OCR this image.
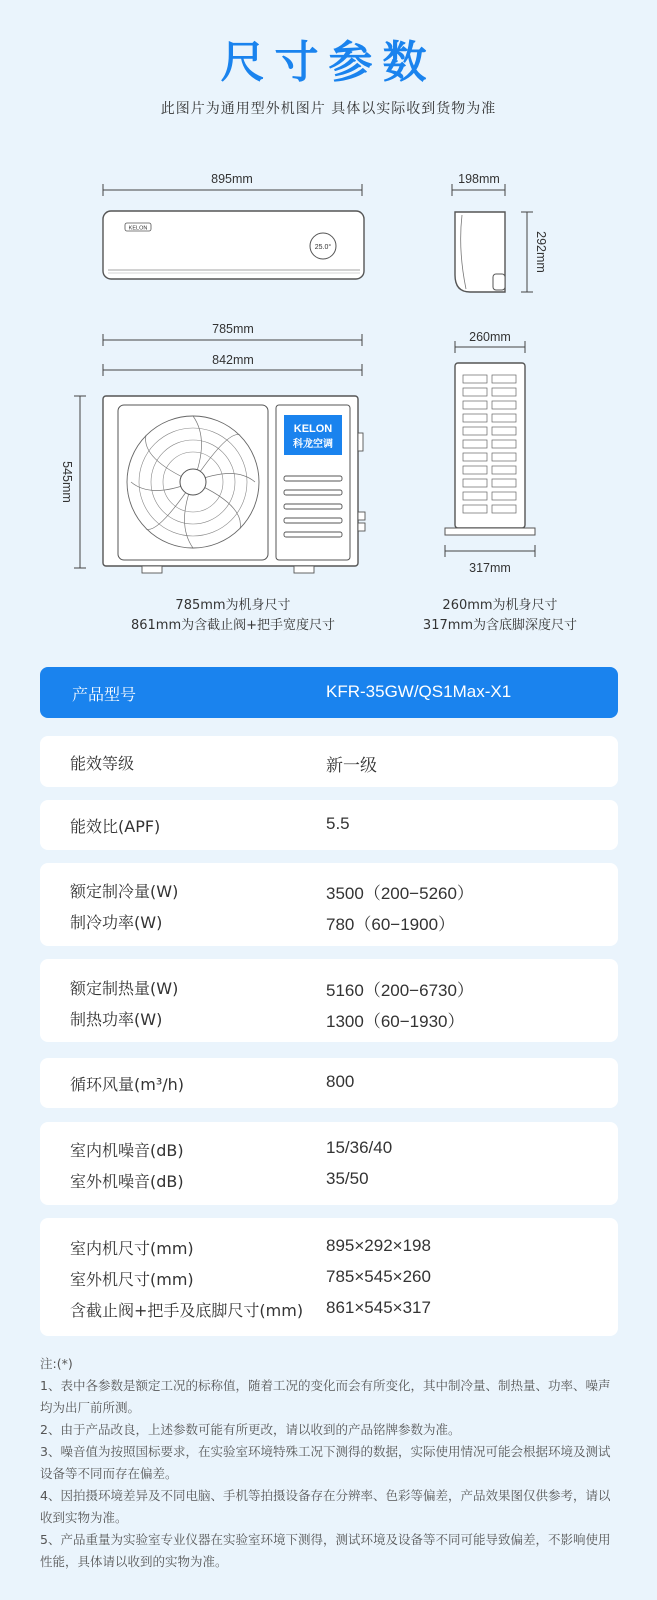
尺寸参数
此图片为通用型外机图片 具体以实际收到货物为准
895mm
KELON
25.0°
198mm
292mm
785mm
842mm
545mm
KELON
科龙空调
260mm
317mm
785mm为机身尺寸
861mm为含截止阀+把手宽度尺寸
260mm为机身尺寸
317mm为含底脚深度尺寸
产品型号	KFR-35GW/QS1Max-X1
能效等级	新一级
能效比(APF)	5.5
额定制冷量(W)	3500（200−5260）
制冷功率(W)	780（60−1900）
额定制热量(W)	5160（200−6730）
制热功率(W)	1300（60−1930）
循环风量(m³/h)	800
室内机噪音(dB)	15/36/40
室外机噪音(dB)	35/50
室内机尺寸(mm)	895×292×198
室外机尺寸(mm)	785×545×260
含截止阀+把手及底脚尺寸(mm) 861×545×317
注:(*)
1、表中各参数是额定工况的标称值，随着工况的变化而会有所变化，其中制冷量、制热量、功率、噪声均为出厂前所测。
2、由于产品改良，上述参数可能有所更改，请以收到的产品铭牌参数为准。
3、噪音值为按照国标要求，在实验室环境特殊工况下测得的数据，实际使用情况可能会根据环境及测试设备等不同而存在偏差。
4、因拍摄环境差异及不同电脑、手机等拍摄设备存在分辨率、色彩等偏差，产品效果图仅供参考，请以收到实物为准。
5、产品重量为实验室专业仪器在实验室环境下测得，测试环境及设备等不同可能导致偏差，不影响使用性能，具体请以收到的实物为准。
